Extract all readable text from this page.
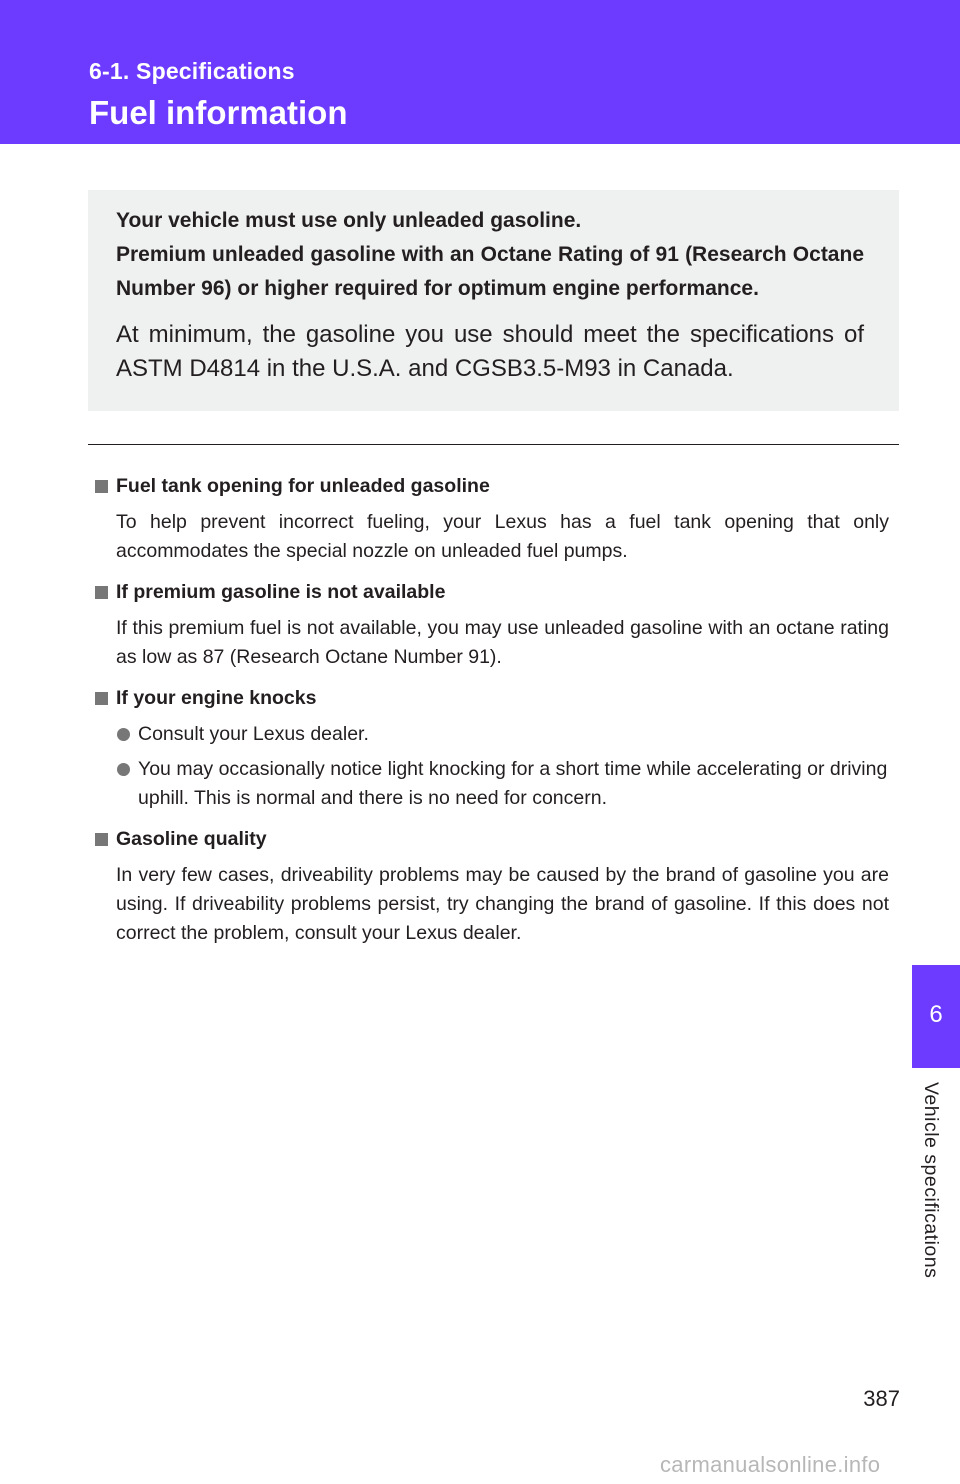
6-1. Specifications
Fuel information

Your vehicle must use only unleaded gasoline.
Premium unleaded gasoline with an Octane Rating of 91 (Research Octane Number 96) or higher required for optimum engine performance.

At minimum, the gasoline you use should meet the specifications of ASTM D4814 in the U.S.A. and CGSB3.5-M93 in Canada.

Fuel tank opening for unleaded gasoline

To help prevent incorrect fueling, your Lexus has a fuel tank opening that only accommodates the special nozzle on unleaded fuel pumps.

If premium gasoline is not available

If this premium fuel is not available, you may use unleaded gasoline with an octane rating as low as 87 (Research Octane Number 91).

If your engine knocks

Consult your Lexus dealer.
You may occasionally notice light knocking for a short time while accelerating or driving uphill. This is normal and there is no need for concern.

Gasoline quality

In very few cases, driveability problems may be caused by the brand of gasoline you are using. If driveability problems persist, try changing the brand of gasoline. If this does not correct the problem, consult your Lexus dealer.

6
Vehicle specifications
387
carmanualsonline.info
